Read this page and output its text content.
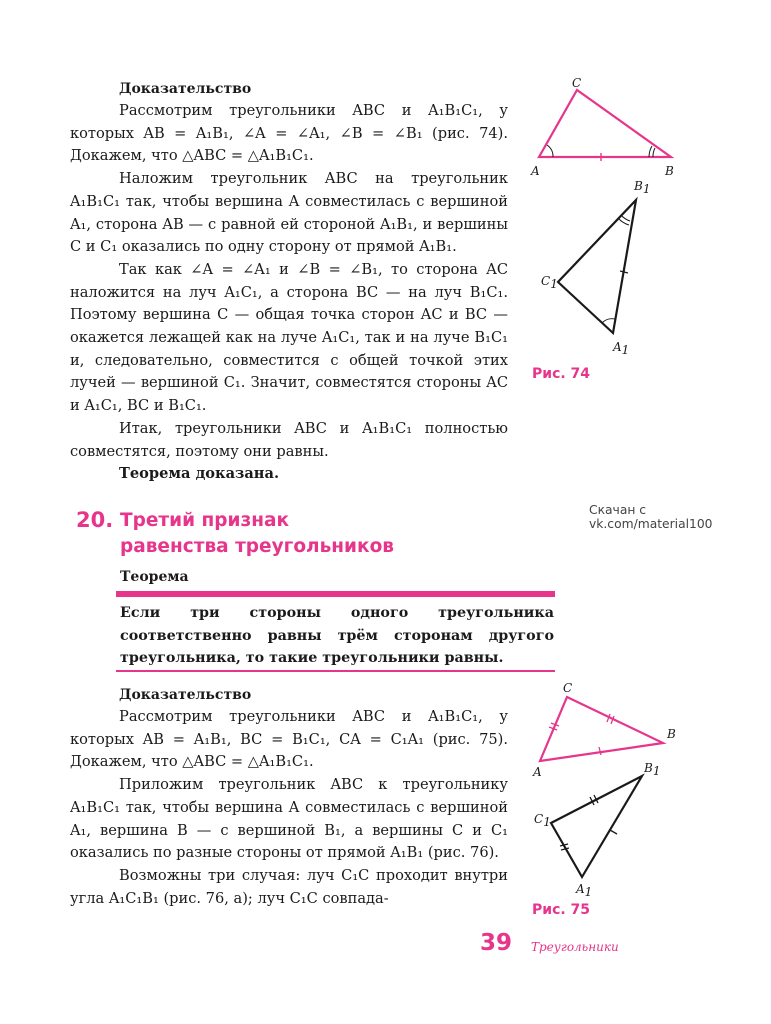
Доказательство

Рассмотрим треугольники ABC и A₁B₁C₁, у которых AB = A₁B₁, ∠A = ∠A₁, ∠B = ∠B₁ (рис. 74). Докажем, что △ABC = △A₁B₁C₁.

Наложим треугольник ABC на треугольник A₁B₁C₁ так, чтобы вершина A совместилась с вершиной A₁, сторона AB — с равной ей стороной A₁B₁, и вершины C и C₁ оказались по одну сторону от прямой A₁B₁.

Так как ∠A = ∠A₁ и ∠B = ∠B₁, то сторона AC наложится на луч A₁C₁, а сторона BC — на луч B₁C₁. Поэтому вершина C — общая точка сторон AC и BC — окажется лежащей как на луче A₁C₁, так и на луче B₁C₁ и, следовательно, совместится с общей точкой этих лучей — вершиной C₁. Значит, совместятся стороны AC и A₁C₁, BC и B₁C₁.

Итак, треугольники ABC и A₁B₁C₁ полностью совместятся, поэтому они равны.

Теорема доказана.

C
A	B
B1
C1
A1
Рис. 74
Скачан с vk.com/material100
20. Третий признак
равенства треугольников
Теорема
Если три стороны одного треугольника соответственно равны трём сторонам другого треугольника, то такие треугольники равны.
Доказательство

Рассмотрим треугольники ABC и A₁B₁C₁, у которых AB = A₁B₁, BC = B₁C₁, CA = C₁A₁ (рис. 75). Докажем, что △ABC = △A₁B₁C₁.

Приложим треугольник ABC к треугольнику A₁B₁C₁ так, чтобы вершина A совместилась с вершиной A₁, вершина B — с вершиной B₁, а вершины C и C₁ оказались по разные стороны от прямой A₁B₁ (рис. 76).

Возможны три случая: луч C₁C проходит внутри угла A₁C₁B₁ (рис. 76, а); луч C₁C совпада-

C
A
B
B1
C1
A1
Рис. 75
39 Треугольники
